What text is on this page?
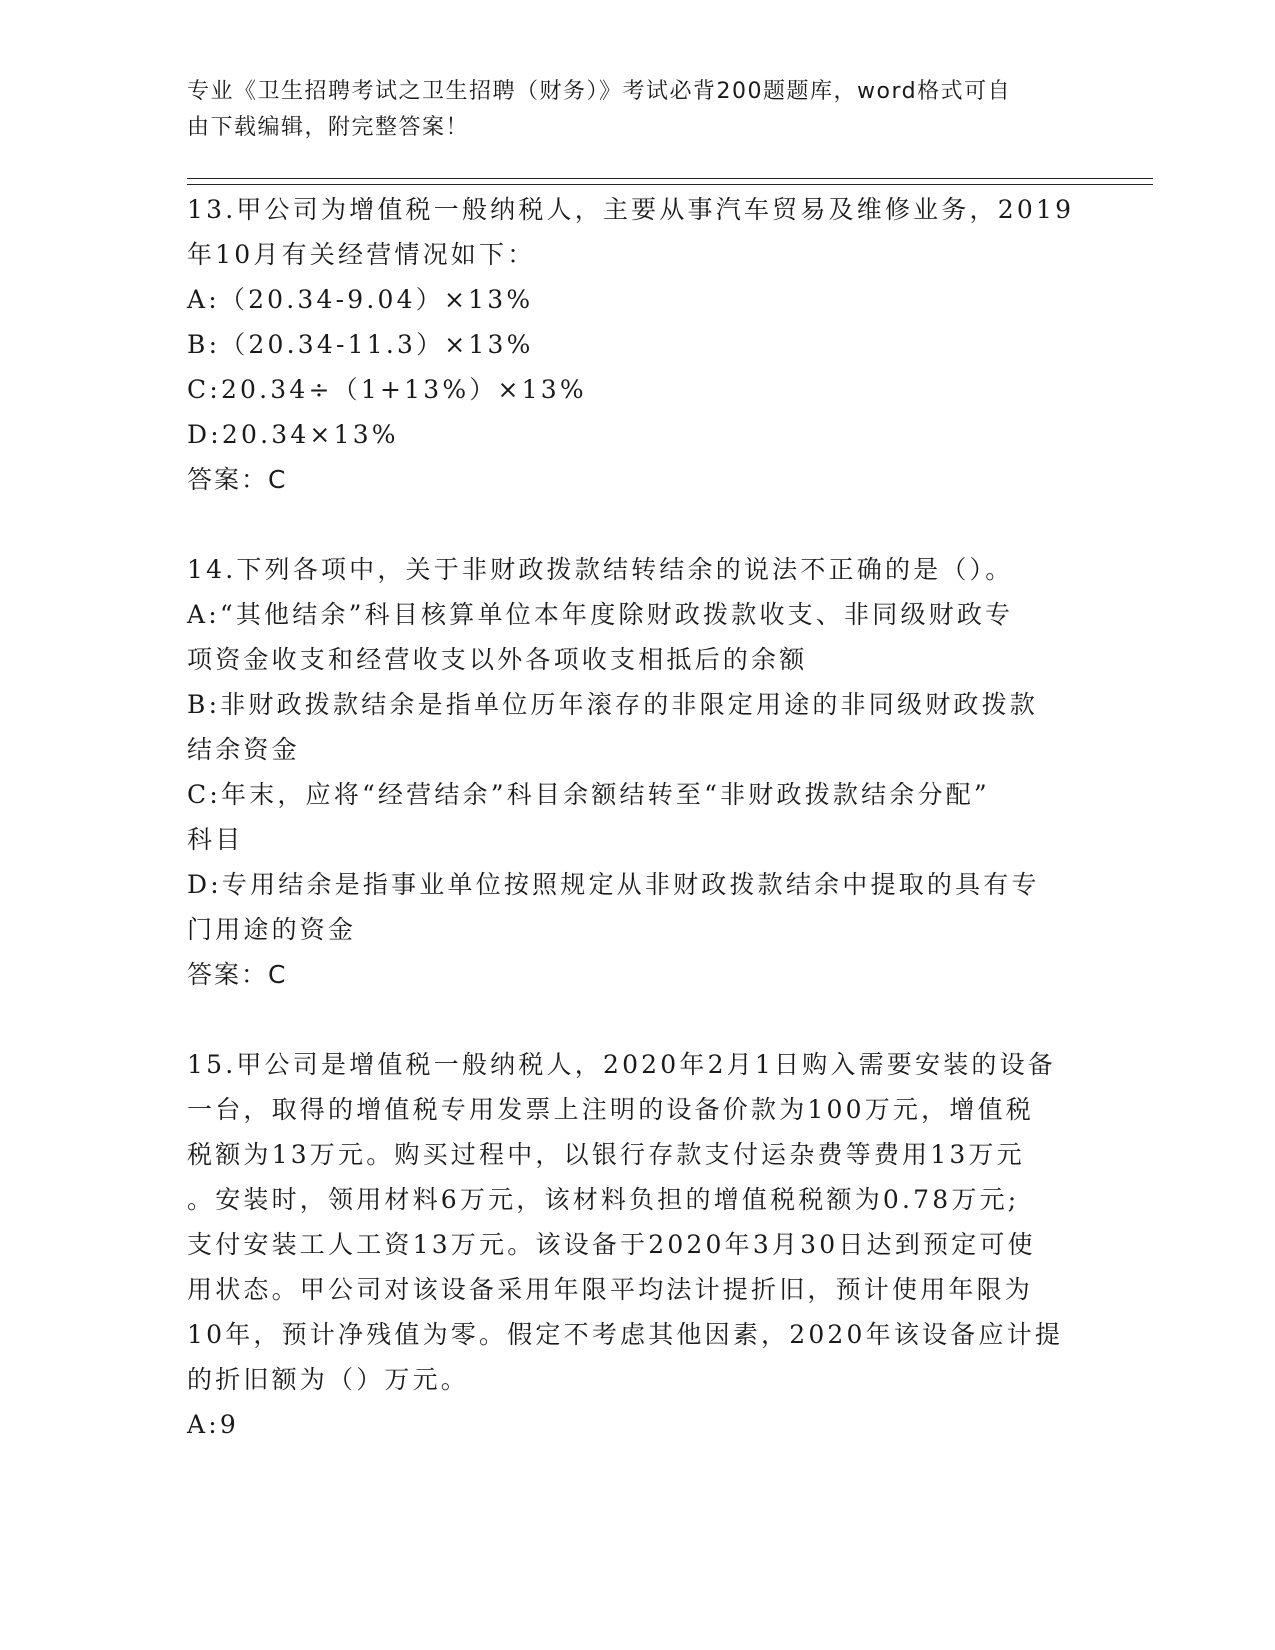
专业《卫生招聘考试之卫生招聘（财务）》考试必背200题题库，word格式可自
由下载编辑，附完整答案！
13.甲公司为增值税一般纳税人，主要从事汽车贸易及维修业务，2019
年10月有关经营情况如下：
A:（20.34-9.04）×13%
B:（20.34-11.3）×13%
C:20.34÷（1+13%）×13%
D:20.34×13%
答案：C
14.下列各项中，关于非财政拨款结转结余的说法不正确的是（）。
A:“其他结余”科目核算单位本年度除财政拨款收支、非同级财政专
项资金收支和经营收支以外各项收支相抵后的余额
B:非财政拨款结余是指单位历年滚存的非限定用途的非同级财政拨款
结余资金
C:年末，应将“经营结余”科目余额结转至“非财政拨款结余分配”
科目
D:专用结余是指事业单位按照规定从非财政拨款结余中提取的具有专
门用途的资金
答案：C
15.甲公司是增值税一般纳税人，2020年2月1日购入需要安装的设备
一台，取得的增值税专用发票上注明的设备价款为100万元，增值税
税额为13万元。购买过程中，以银行存款支付运杂费等费用13万元
。安装时，领用材料6万元，该材料负担的增值税税额为0.78万元;
支付安装工人工资13万元。该设备于2020年3月30日达到预定可使
用状态。甲公司对该设备采用年限平均法计提折旧，预计使用年限为
10年，预计净残值为零。假定不考虑其他因素，2020年该设备应计提
的折旧额为（）万元。
A:9
